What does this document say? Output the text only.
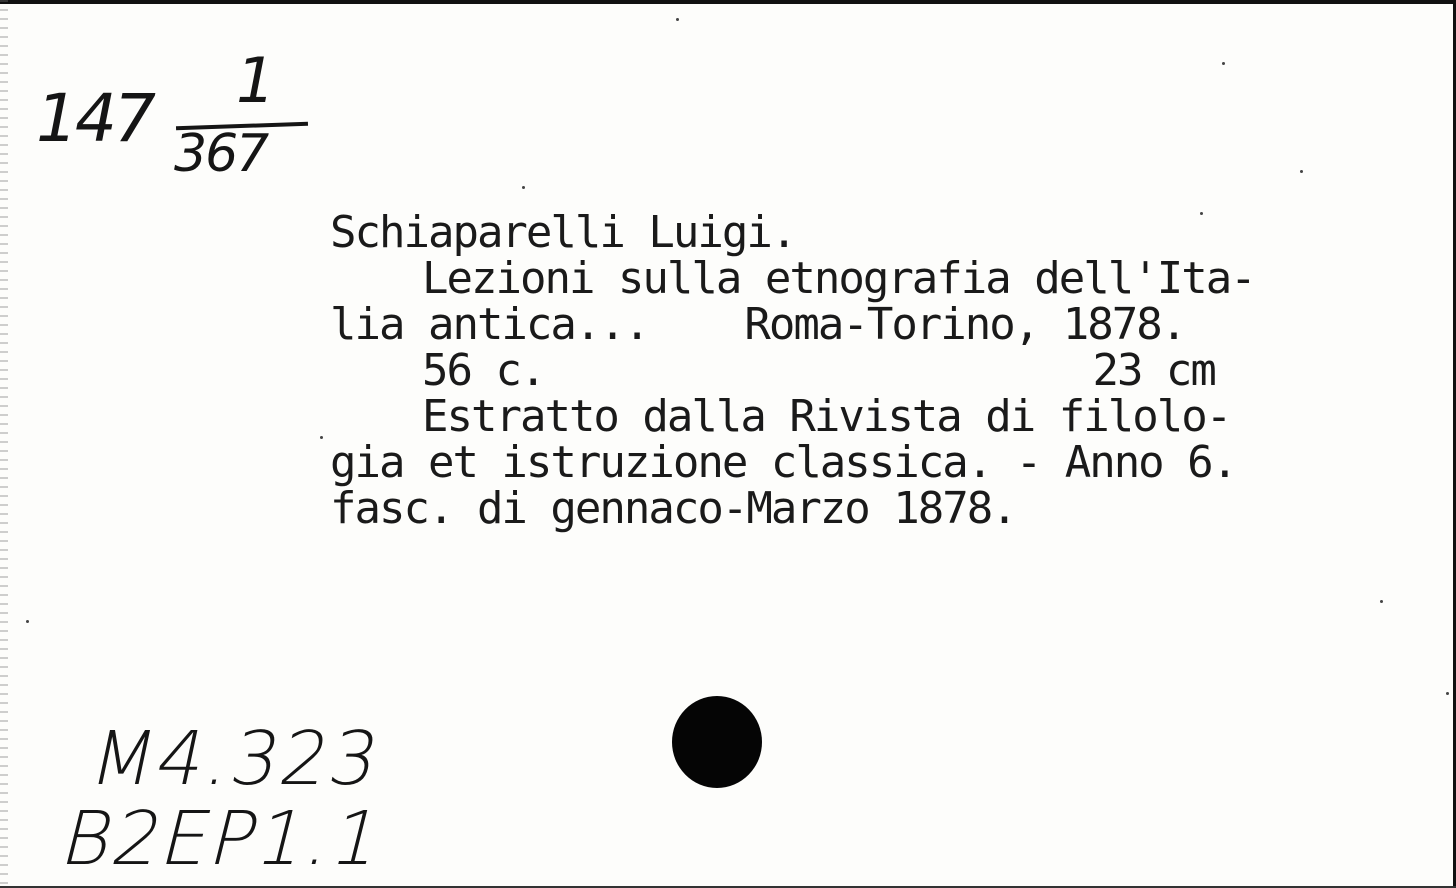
147 1
367
Schiaparelli Luigi.
Lezioni sulla etnografia dell'Ita-
lia antica... Roma-Torino, 1878.
56 c.	23 cm
Estratto dalla Rivista di filolo-
gia et istruzione classica. - Anno 6.
fasc. di gennaco-Marzo 1878.
M4.323
B2EP1.1
